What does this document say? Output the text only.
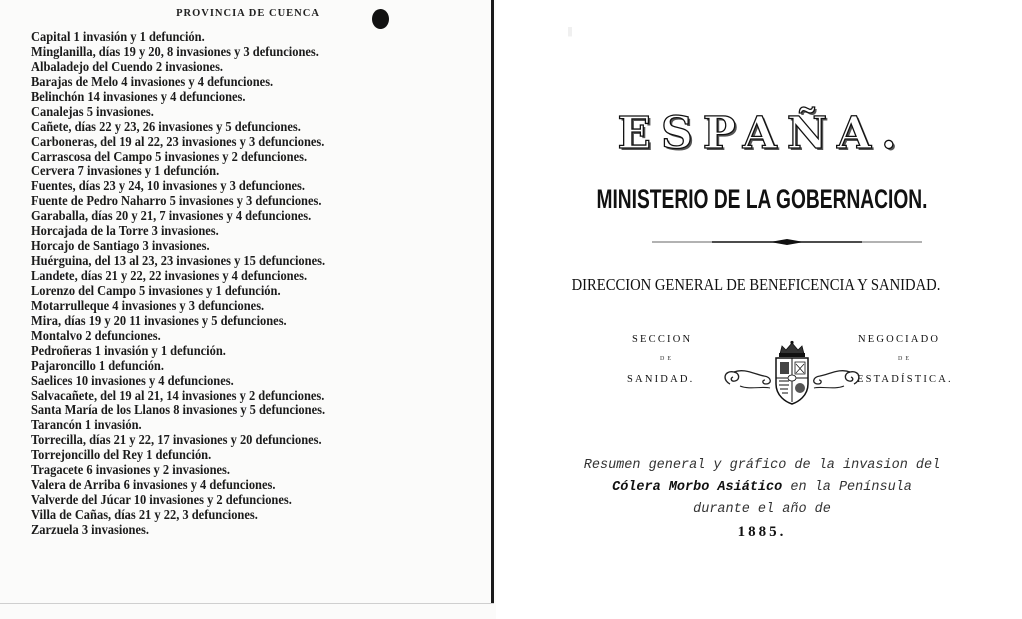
PROVINCIA DE CUENCA
Capital 1 invasión y 1 defunción.
Minglanilla, días 19 y 20, 8 invasiones y 3 defunciones.
Albaladejo del Cuendo 2 invasiones.
Barajas de Melo 4 invasiones y 4 defunciones.
Belinchón 14 invasiones y 4 defunciones.
Canalejas 5 invasiones.
Cañete, días 22 y 23, 26 invasiones y 5 defunciones.
Carboneras, del 19 al 22, 23 invasiones y 3 defunciones.
Carrascosa del Campo 5 invasiones y 2 defunciones.
Cervera 7 invasiones y 1 defunción.
Fuentes, días 23 y 24, 10 invasiones y 3 defunciones.
Fuente de Pedro Naharro 5 invasiones y 3 defunciones.
Garaballa, días 20 y 21, 7 invasiones y 4 defunciones.
Horcajada de la Torre 3 invasiones.
Horcajo de Santiago 3 invasiones.
Huérguina, del 13 al 23, 23 invasiones y 15 defunciones.
Landete, días 21 y 22, 22 invasiones y 4 defunciones.
Lorenzo del Campo 5 invasiones y 1 defunción.
Motarrulleque 4 invasiones y 3 defunciones.
Mira, días 19 y 20 11 invasiones y 5 defunciones.
Montalvo 2 defunciones.
Pedroñeras 1 invasión y 1 defunción.
Pajaroncillo 1 defunción.
Saelices 10 invasiones y 4 defunciones.
Salvacañete, del 19 al 21, 14 invasiones y 2 defunciones.
Santa María de los Llanos 8 invasiones y 5 defunciones.
Tarancón 1 invasión.
Torrecilla, días 21 y 22, 17 invasiones y 20 defunciones.
Torrejoncillo del Rey 1 defunción.
Tragacete 6 invasiones y 2 invasiones.
Valera de Arriba 6 invasiones y 4 defunciones.
Valverde del Júcar 10 invasiones y 2 defunciones.
Villa de Cañas, días 21 y 22, 3 defunciones.
Zarzuela 3 invasiones.
||
ESPAÑA.
MINISTERIO DE LA GOBERNACION.
DIRECCION GENERAL DE BENEFICENCIA Y SANIDAD.
SECCION
DE
SANIDAD.
NEGOCIADO
DE
ESTADÍSTICA.
Resumen general y gráfico de la invasion del
Cólera Morbo Asiático en la Península
durante el año de
1885.
